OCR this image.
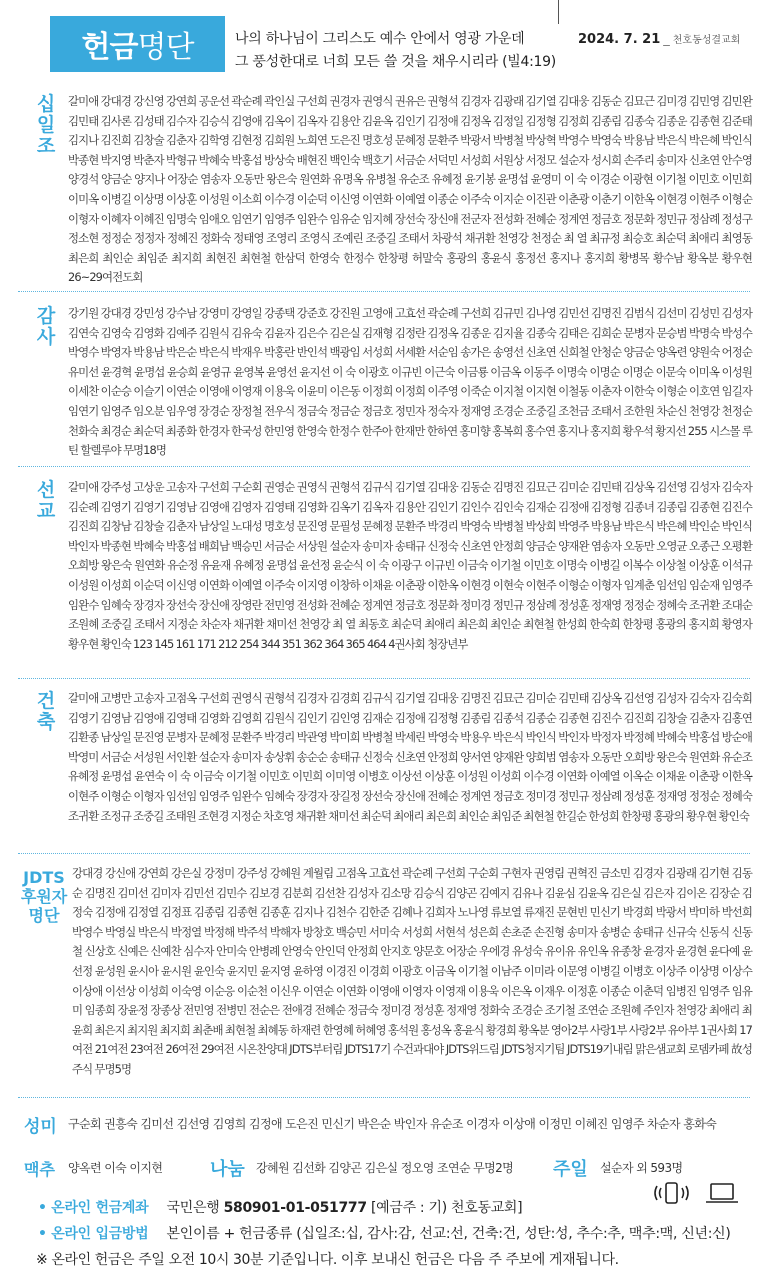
헌금 명단	나의 하나님이 그리스도 예수 안에서 영광 가운데
그 풍성한대로 너희 모든 쓸 것을 채우시리라 (빌4:19)
2024. 7. 21 _ 천호동성결교회
십
일
조
갈미애 강대경 강신영 강연희 공운선 곽순례 곽인실 구선희 권경자 권영식 권유은 권형석 김경자 김광래 김기열 김대웅 김동순 김묘근 김미경 김민영 김민완 김민태 김사론 김성태 김수자 김승식 김영애 김옥이 김옥자 김용안 김윤옥 김인기 김정애 김정옥 김정일 김정형 김정희 김종림 김종숙 김종운 김종현 김준태 김지나 김진희 김창술 김춘자 김학영 김현정 김희원 노희연 도은진 명호성 문혜정 문환주 박광서 박병철 박상혁 박영수 박영숙 박용남 박은식 박은혜 박인식 박종현 박지영 박춘자 박형규 박혜숙 박홍섭 방상숙 배현진 백인숙 백호기 서금순 서덕민 서성희 서원상 서정모 설순자 성시희 손주리 송미자 신초연 안수영 양경석 양금순 양지나 어장순 염송자 오동만 왕은숙 원연화 유명옥 유병철 유순조 유혜정 윤기봉 윤명섭 윤영미 이 숙 이경순 이광현 이기철 이민호 이민희 이미옥 이병길 이상명 이상훈 이성원 이소희 이수경 이순덕 이신영 이연화 이예열 이종순 이주숙 이지순 이진관 이춘광 이춘기 이한옥 이현경 이현주 이형순 이형자 이혜자 이혜진 임명숙 임애오 임연기 임영주 임완수 임유순 임지혜 장선숙 장신애 전군자 전성화 전혜순 정계연 정금호 정문화 정민규 정삼례 정성구 정소현 정정순 정정자 정혜진 정화숙 정태영 조영리 조영식 조예린 조중길 조태서 차광석 채귀환 천영강 천정순 최 열 최규정 최승호 최순덕 최애리 최영동 최은희 최인순 최임준 최지희 최현진 최현철 한삼덕 한영숙 한정수 한창평 허말숙 홍광의 홍윤식 홍정선 홍지나 홍지희 황병목 황수남 황옥분 황우현 26~29여전도회
감
사
강기원 강대경 강민성 강수남 강영미 강영일 강종택 강준호 강진원 고영애 고효선 곽순례 구선희 김규민 김나영 김민선 김명진 김범식 김선미 김성민 김성자 김연숙 김영숙 김영화 김예주 김원식 김유숙 김윤자 김은수 김은실 김재형 김정란 김정옥 김종운 김지율 김종숙 김태은 김희순 문병자 문승범 박명숙 박성수 박영수 박영자 박용남 박은순 박은식 박재우 박홍란 반인석 백광임 서성희 서세환 서순임 송가은 송영선 신초연 신희철 안청순 양금순 양옥련 양원숙 어정순 유미선 윤경혁 윤명섭 윤승희 윤영규 윤영복 윤영선 윤지선 이 숙 이광호 이규빈 이근숙 이금룡 이금옥 이동주 이명숙 이명순 이명순 이문숙 이미옥 이성원 이세찬 이순승 이슬기 이연순 이영애 이영재 이용욱 이윤미 이은동 이정희 이정희 이주영 이죽순 이지철 이지현 이철동 이춘자 이한숙 이형순 이호연 임길자 임연기 임영주 임오분 임우영 장경순 장정철 전우식 정금숙 정금순 정금호 정민자 정숙자 정재영 조경순 조중길 조천금 조태서 조한원 차순신 천영강 천정순 천화숙 최경순 최순덕 최종화 한경자 한국성 한민영 한영숙 한정수 한주아 한재만 한하연 홍미향 홍복희 홍수연 홍지나 홍지희 황우석 황지선 255 시스몰 루틴 할렐루야 무명18명
선
교
갈미애 강주성 고상운 고송자 구선희 구순회 권영순 권영식 권형석 김규식 김기열 김대웅 김동순 김명진 김묘근 김미순 김민태 김상옥 김선영 김성자 김숙자 김순례 김영기 김영기 김영남 김영애 김영자 김영태 김영화 김옥기 김옥자 김용안 김인기 김인수 김인숙 김재순 김정애 김정형 김종녀 김종림 김종현 김진수 김진희 김창남 김창술 김춘자 남상일 노대성 명호성 문진영 문필성 문혜정 문환주 박경리 박영숙 박병철 박상희 박영주 박용남 박은식 박은혜 박인순 박인식 박인자 박종현 박혜숙 박홍섭 배희남 백승민 서금순 서상원 설순자 송미자 송태규 신정숙 신초연 안정희 양금순 양재완 염송자 오동만 오영균 오종근 오평환 오희방 왕은숙 원연화 유순정 유윤재 유혜정 윤명섭 윤선정 윤순식 이 숙 이광구 이규빈 이금숙 이기철 이민호 이명숙 이병길 이복수 이상철 이상훈 이석규 이성원 이성희 이순덕 이신영 이연화 이예열 이주숙 이지영 이창하 이채윤 이춘광 이한옥 이현경 이현숙 이현주 이형순 이형자 임계춘 임선임 임순재 임영주 임완수 임혜숙 장경자 장선숙 장신애 장영란 전민영 전성화 전혜순 정계연 정금호 정문화 정미경 정민규 정삼례 정성훈 정재영 정정순 정혜숙 조귀환 조대순 조원혜 조중길 조태서 지정순 차순자 채귀환 채미선 천영강 최 열 최동호 최순덕 최애리 최은희 최인순 최현철 한성희 한숙희 한창평 홍광의 홍지희 황영자 황우현 황인숙 123 145 161 171 212 254 344 351 362 364 365 464 4권사회 청장년부
건
축
갈미애 고병만 고송자 고점옥 구선희 권영식 권형석 김경자 김경희 김규식 김기열 김대웅 김명진 김묘근 김미순 김민태 김상옥 김선영 김성자 김숙자 김숙희 김영기 김영남 김영애 김영태 김영화 김영희 김원식 김인기 김인영 김재순 김정애 김정형 김종림 김종석 김종순 김종현 김진수 김진희 김창술 김춘자 김홍연 김환종 남상일 문진영 문병자 문혜정 문환주 박경리 박관영 박미희 박병철 박세린 박영숙 박용우 박은식 박인식 박인자 박정자 박정혜 박혜숙 박홍섭 방순애 박영미 서금순 서성원 서인환 설순자 송미자 송상휘 송순순 송태규 신정숙 신초연 안정희 양서연 양재완 양희범 염송자 오동만 오희방 왕은숙 원연화 유순조 유혜정 윤명섭 윤연숙 이 숙 이금숙 이기철 이민호 이민희 이미영 이병호 이상선 이상훈 이성원 이성희 이수경 이연화 이예열 이옥순 이채윤 이춘광 이한옥 이현주 이형순 이형자 임선임 임영주 임완수 임혜숙 장경자 장길정 장선숙 장신애 전혜순 정계연 정금호 정미경 정민규 정삼례 정성훈 정재영 정정순 정혜숙 조귀환 조정규 조중길 조태원 조현경 지정순 차호영 채귀환 채미선 최순덕 최애리 최은희 최인순 최임준 최현철 한길순 한성희 한창평 홍광의 황우현 황인숙
JDTS
후원자
명단
강대경 강신애 강연희 강은실 강정미 강주성 강혜원 계월림 고점옥 고효선 곽순례 구선희 구순회 구현자 권영림 권혁진 금소민 김경자 김광래 김기현 김동순 김명진 김미선 김미자 김민선 김민수 김보경 김분희 김선찬 김성자 김소망 김승식 김양곤 김예지 김유나 김윤심 김윤옥 김은실 김은자 김이온 김장순 김정숙 김정애 김정열 김정표 김종림 김종현 김종훈 김지나 김천수 김한준 김혜나 김희자 노나영 류보열 류재진 문현빈 민신기 박경희 박광서 박미하 박선희 박영수 박영실 박은식 박정열 박정해 박주석 박해자 방창호 백승민 서미숙 서성희 서현석 성은희 손초준 손진형 송미자 송병순 송태규 신규숙 신동식 신동철 신상호 신예은 신예찬 심수자 안미숙 안병례 안영숙 안인덕 안정희 안지호 양문호 어장순 우에경 유성숙 유이유 유인옥 유종창 윤경자 윤경현 윤다예 윤선정 윤성원 윤시아 윤시원 윤인숙 윤지민 윤지영 윤하영 이경진 이경희 이광호 이금옥 이기철 이남주 이미라 이문영 이병길 이병호 이상주 이상명 이상수 이상애 이선상 이성희 이숙영 이순응 이순천 이신우 이연순 이연화 이영애 이영자 이영재 이용욱 이은옥 이재우 이정훈 이종순 이춘덕 임병진 임영주 임유미 임종희 장윤정 장종상 전민영 전병민 전순은 전애경 전혜순 정금숙 정미경 정성훈 정재영 정화숙 조경순 조기철 조연순 조원혜 주인자 천영강 최애리 최윤희 최은지 최지원 최지희 최춘배 최현철 최혜동 하재련 한영혜 허혜영 홍석원 홍성옥 홍윤식 황경희 황옥분 영아2부 사랑1부 사랑2부 유아부 1권사회 17여전 21여전 23여전 26여전 29여전 시온찬양대 JDTS부터림 JDTS17기 수건과대야 JDTS위드림 JDTS청지기팀 JDTS19기내림 맑은샘교회 로뎀카페 故성주식 무명5명
성미 구순회 권흥숙 김미선 김선영 김영희 김정애 도은진 민신기 박은순 박인자 유순조 이경자 이상애 이정민 이혜진 임영주 차순자 홍화숙
맥추 양옥련 이숙 이지현	나눔 강혜원 김선화 김양곤 김은실 정오영 조연순 무명2명 주일 설순자 외 593명
• 온라인 헌금계좌 국민은행 580901-01-051777 [예금주 : 기) 천호동교회]
• 온라인 입금방법 본인이름 + 헌금종류 (십일조:십, 감사:감, 선교:선, 건축:건, 성탄:성, 추수:추, 맥추:맥, 신년:신)
※ 온라인 헌금은 주일 오전 10시 30분 기준입니다. 이후 보내신 헌금은 다음 주 주보에 게재됩니다.
